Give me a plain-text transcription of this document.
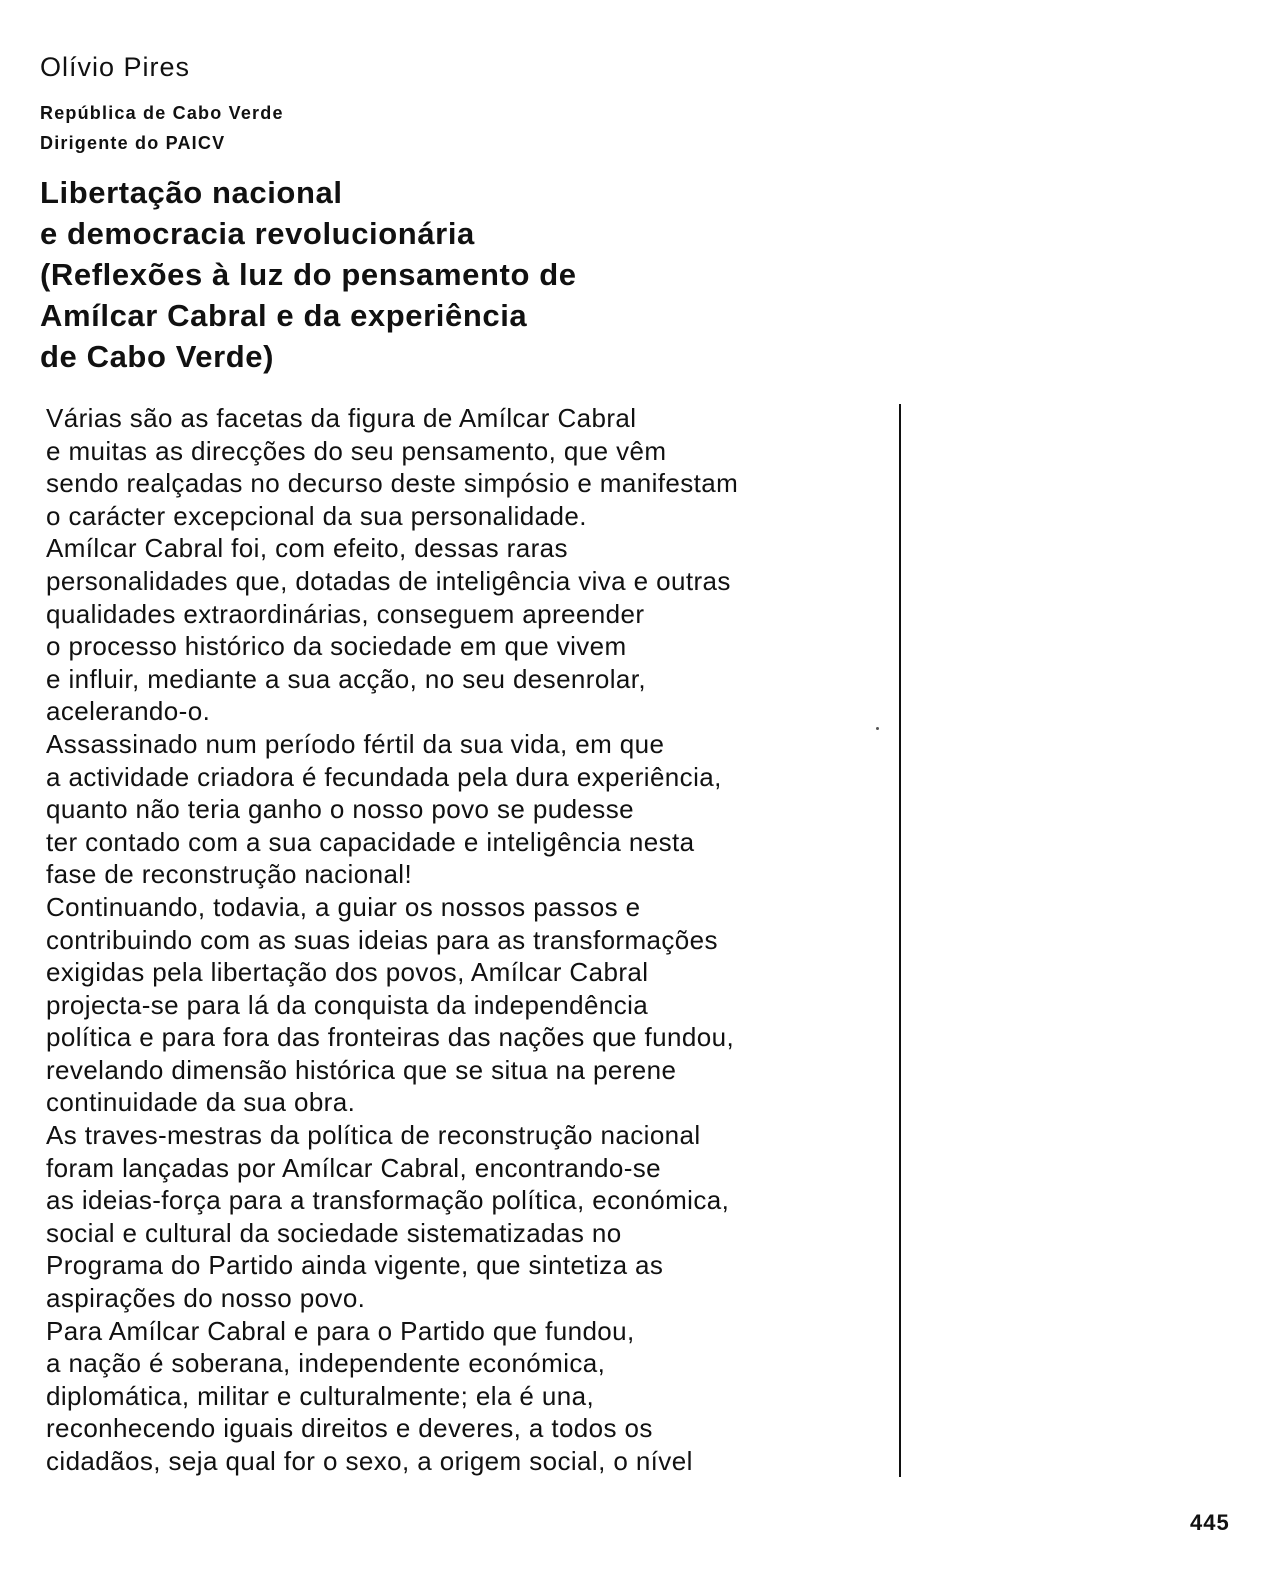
Olívio Pires
República de Cabo Verde
Dirigente do PAICV
Libertação nacional
e democracia revolucionária
(Reflexões à luz do pensamento de
Amílcar Cabral e da experiência
de Cabo Verde)
Várias são as facetas da figura de Amílcar Cabral
e muitas as direcções do seu pensamento, que vêm
sendo realçadas no decurso deste simpósio e manifestam
o carácter excepcional da sua personalidade.
Amílcar Cabral foi, com efeito, dessas raras
personalidades que, dotadas de inteligência viva e outras
qualidades extraordinárias, conseguem apreender
o processo histórico da sociedade em que vivem
e influir, mediante a sua acção, no seu desenrolar,
acelerando-o.
Assassinado num período fértil da sua vida, em que
a actividade criadora é fecundada pela dura experiência,
quanto não teria ganho o nosso povo se pudesse
ter contado com a sua capacidade e inteligência nesta
fase de reconstrução nacional!
Continuando, todavia, a guiar os nossos passos e
contribuindo com as suas ideias para as transformações
exigidas pela libertação dos povos, Amílcar Cabral
projecta-se para lá da conquista da independência
política e para fora das fronteiras das nações que fundou,
revelando dimensão histórica que se situa na perene
continuidade da sua obra.
As traves-mestras da política de reconstrução nacional
foram lançadas por Amílcar Cabral, encontrando-se
as ideias-força para a transformação política, económica,
social e cultural da sociedade sistematizadas no
Programa do Partido ainda vigente, que sintetiza as
aspirações do nosso povo.
Para Amílcar Cabral e para o Partido que fundou,
a nação é soberana, independente económica,
diplomática, militar e culturalmente; ela é una,
reconhecendo iguais direitos e deveres, a todos os
cidadãos, seja qual for o sexo, a origem social, o nível
445
